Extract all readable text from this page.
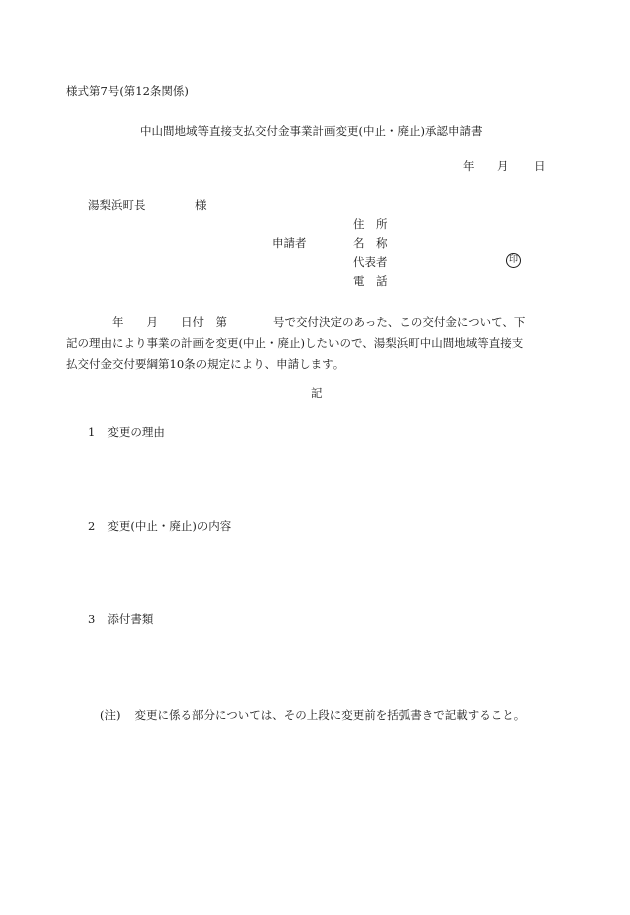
様式第7号(第12条関係)
中山間地域等直接支払交付金事業計画変更(中止・廃止)承認申請書
年 月 日
湯梨浜町長	様
申請者
住　所
名　称
代表者	印
電　話
　　　　年　　月　　日付　第　　　　号で交付決定のあった、この交付金について、下
記の理由により事業の計画を変更(中止・廃止)したいので、湯梨浜町中山間地域等直接支
払交付金交付要綱第10条の規定により、申請します。
記
1 変更の理由
2 変更(中止・廃止)の内容
3 添付書類
(注) 変更に係る部分については、その上段に変更前を括弧書きで記載すること。
